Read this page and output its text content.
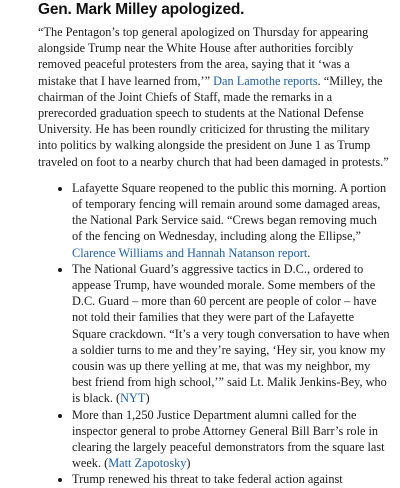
Gen. Mark Milley apologized.

“The Pentagon’s top general apologized on Thursday for appearing alongside Trump near the White House after authorities forcibly removed peaceful protesters from the area, saying that it ‘was a mistake that I have learned from,’” Dan Lamothe reports. “Milley, the chairman of the Joint Chiefs of Staff, made the remarks in a prerecorded graduation speech to students at the National Defense University. He has been roundly criticized for thrusting the military into politics by walking alongside the president on June 1 as Trump traveled on foot to a nearby church that had been damaged in protests.”

• Lafayette Square reopened to the public this morning. A portion of temporary fencing will remain around some damaged areas, the National Park Service said. “Crews began removing much of the fencing on Wednesday, including along the Ellipse,” Clarence Williams and Hannah Natanson report.
• The National Guard’s aggressive tactics in D.C., ordered to appease Trump, have wounded morale. Some members of the D.C. Guard – more than 60 percent are people of color – have not told their families that they were part of the Lafayette Square crackdown. “It’s a very tough conversation to have when a soldier turns to me and they’re saying, ‘Hey sir, you know my cousin was up there yelling at me, that was my neighbor, my best friend from high school,’” said Lt. Malik Jenkins-Bey, who is black. (NYT)
• More than 1,250 Justice Department alumni called for the inspector general to probe Attorney General Bill Barr’s role in clearing the largely peaceful demonstrators from the square last week. (Matt Zapotosky)
• Trump renewed his threat to take federal action against
